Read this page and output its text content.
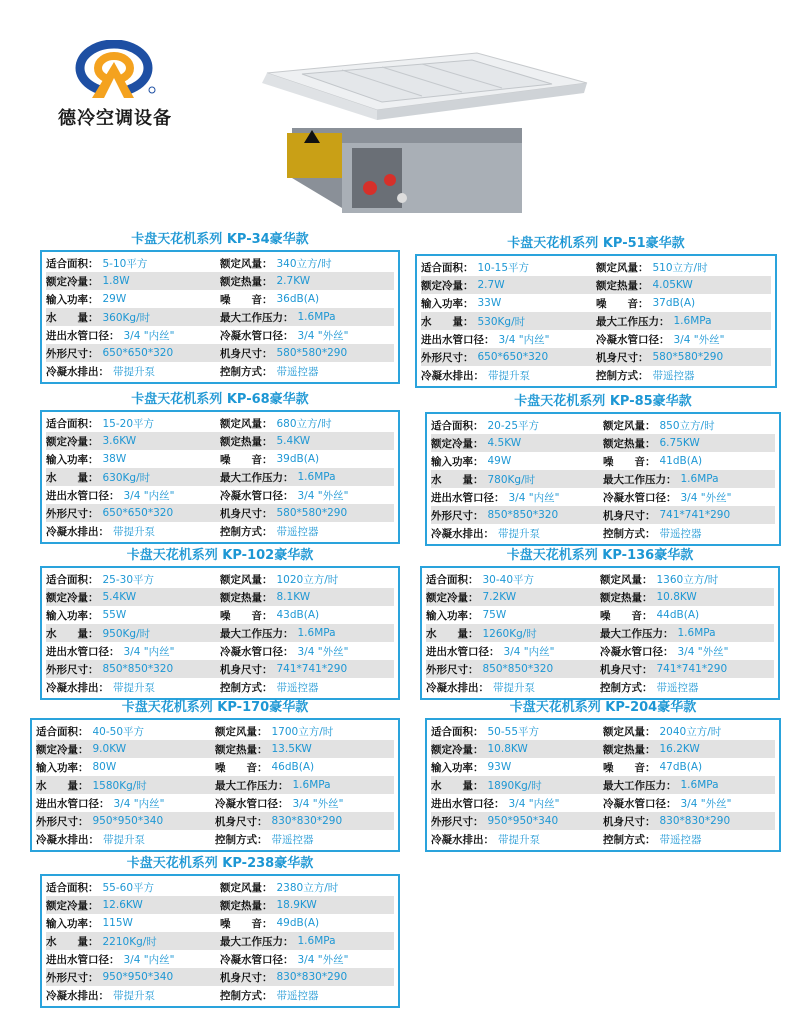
德冷空调设备
卡盘天花机系列 KP-34豪华款
适合面积： 5-10平方	额定风量： 340立方/时
额定冷量： 1.8W	额定热量： 2.7KW
输入功率： 29W	噪　　音： 36dB(A)
水　　量： 360Kg/时	最大工作压力： 1.6MPa
进出水管口径： 3/4 "内丝"	冷凝水管口径： 3/4 "外丝"
外形尺寸： 650*650*320	机身尺寸： 580*580*290
冷凝水排出： 带提升泵	控制方式： 带遥控器
卡盘天花机系列 KP-51豪华款
适合面积： 10-15平方	额定风量： 510立方/时
额定冷量： 2.7W	额定热量： 4.05KW
输入功率： 33W	噪　　音： 37dB(A)
水　　量： 530Kg/时	最大工作压力： 1.6MPa
进出水管口径： 3/4 "内丝"	冷凝水管口径： 3/4 "外丝"
外形尺寸： 650*650*320	机身尺寸： 580*580*290
冷凝水排出： 带提升泵	控制方式： 带遥控器
卡盘天花机系列 KP-68豪华款
适合面积： 15-20平方	额定风量： 680立方/时
额定冷量： 3.6KW	额定热量： 5.4KW
输入功率： 38W	噪　　音： 39dB(A)
水　　量： 630Kg/时	最大工作压力： 1.6MPa
进出水管口径： 3/4 "内丝"	冷凝水管口径： 3/4 "外丝"
外形尺寸： 650*650*320	机身尺寸： 580*580*290
冷凝水排出： 带提升泵	控制方式： 带遥控器
卡盘天花机系列 KP-85豪华款
适合面积： 20-25平方	额定风量： 850立方/时
额定冷量： 4.5KW	额定热量： 6.75KW
输入功率： 49W	噪　　音： 41dB(A)
水　　量： 780Kg/时	最大工作压力： 1.6MPa
进出水管口径： 3/4 "内丝"	冷凝水管口径： 3/4 "外丝"
外形尺寸： 850*850*320	机身尺寸： 741*741*290
冷凝水排出： 带提升泵	控制方式： 带遥控器
卡盘天花机系列 KP-102豪华款
适合面积： 25-30平方	额定风量： 1020立方/时
额定冷量： 5.4KW	额定热量： 8.1KW
输入功率： 55W	噪　　音： 43dB(A)
水　　量： 950Kg/时	最大工作压力： 1.6MPa
进出水管口径： 3/4 "内丝"	冷凝水管口径： 3/4 "外丝"
外形尺寸： 850*850*320	机身尺寸： 741*741*290
冷凝水排出： 带提升泵	控制方式： 带遥控器
卡盘天花机系列 KP-136豪华款
适合面积： 30-40平方	额定风量： 1360立方/时
额定冷量： 7.2KW	额定热量： 10.8KW
输入功率： 75W	噪　　音： 44dB(A)
水　　量： 1260Kg/时	最大工作压力： 1.6MPa
进出水管口径： 3/4 "内丝"	冷凝水管口径： 3/4 "外丝"
外形尺寸： 850*850*320	机身尺寸： 741*741*290
冷凝水排出： 带提升泵	控制方式： 带遥控器
卡盘天花机系列 KP-170豪华款
适合面积： 40-50平方	额定风量： 1700立方/时
额定冷量： 9.0KW	额定热量： 13.5KW
输入功率： 80W	噪　　音： 46dB(A)
水　　量： 1580Kg/时	最大工作压力： 1.6MPa
进出水管口径： 3/4 "内丝"	冷凝水管口径： 3/4 "外丝"
外形尺寸： 950*950*340	机身尺寸： 830*830*290
冷凝水排出： 带提升泵	控制方式： 带遥控器
卡盘天花机系列 KP-204豪华款
适合面积： 50-55平方	额定风量： 2040立方/时
额定冷量： 10.8KW	额定热量： 16.2KW
输入功率： 93W	噪　　音： 47dB(A)
水　　量： 1890Kg/时	最大工作压力： 1.6MPa
进出水管口径： 3/4 "内丝"	冷凝水管口径： 3/4 "外丝"
外形尺寸： 950*950*340	机身尺寸： 830*830*290
冷凝水排出： 带提升泵	控制方式： 带遥控器
卡盘天花机系列 KP-238豪华款
适合面积： 55-60平方	额定风量： 2380立方/时
额定冷量： 12.6KW	额定热量： 18.9KW
输入功率： 115W	噪　　音： 49dB(A)
水　　量： 2210Kg/时	最大工作压力： 1.6MPa
进出水管口径： 3/4 "内丝"	冷凝水管口径： 3/4 "外丝"
外形尺寸： 950*950*340	机身尺寸： 830*830*290
冷凝水排出： 带提升泵	控制方式： 带遥控器
